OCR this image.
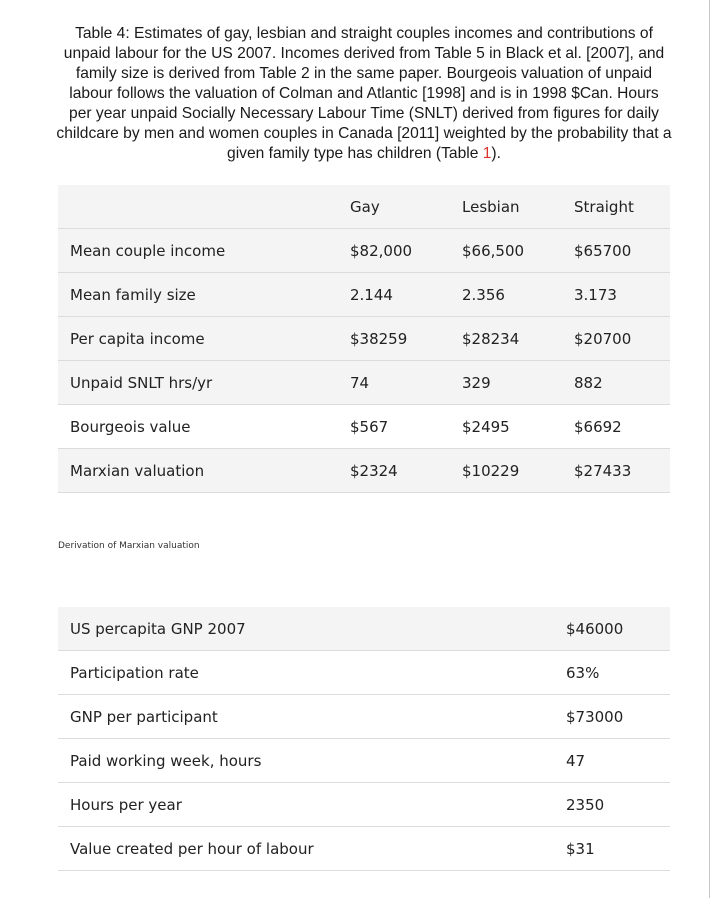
Table 4: Estimates of gay, lesbian and straight couples incomes and contributions of unpaid labour for the US 2007. Incomes derived from Table 5 in Black et al. [2007], and family size is derived from Table 2 in the same paper. Bourgeois valuation of unpaid labour follows the valuation of Colman and Atlantic [1998] and is in 1998 $Can. Hours per year unpaid Socially Necessary Labour Time (SNLT) derived from figures for daily childcare by men and women couples in Canada [2011] weighted by the probability that a given family type has children (Table 1).
	Gay	Lesbian	Straight
Mean couple income	$82,000	$66,500	$65700
Mean family size	2.144	2.356	3.173
Per capita income	$38259	$28234	$20700
Unpaid SNLT hrs/yr	74	329	882
Bourgeois value	$567	$2495	$6692
Marxian valuation	$2324	$10229	$27433
Derivation of Marxian valuation
US percapita GNP 2007	$46000
Participation rate	63%
GNP per participant	$73000
Paid working week, hours	47
Hours per year	2350
Value created per hour of labour	$31
